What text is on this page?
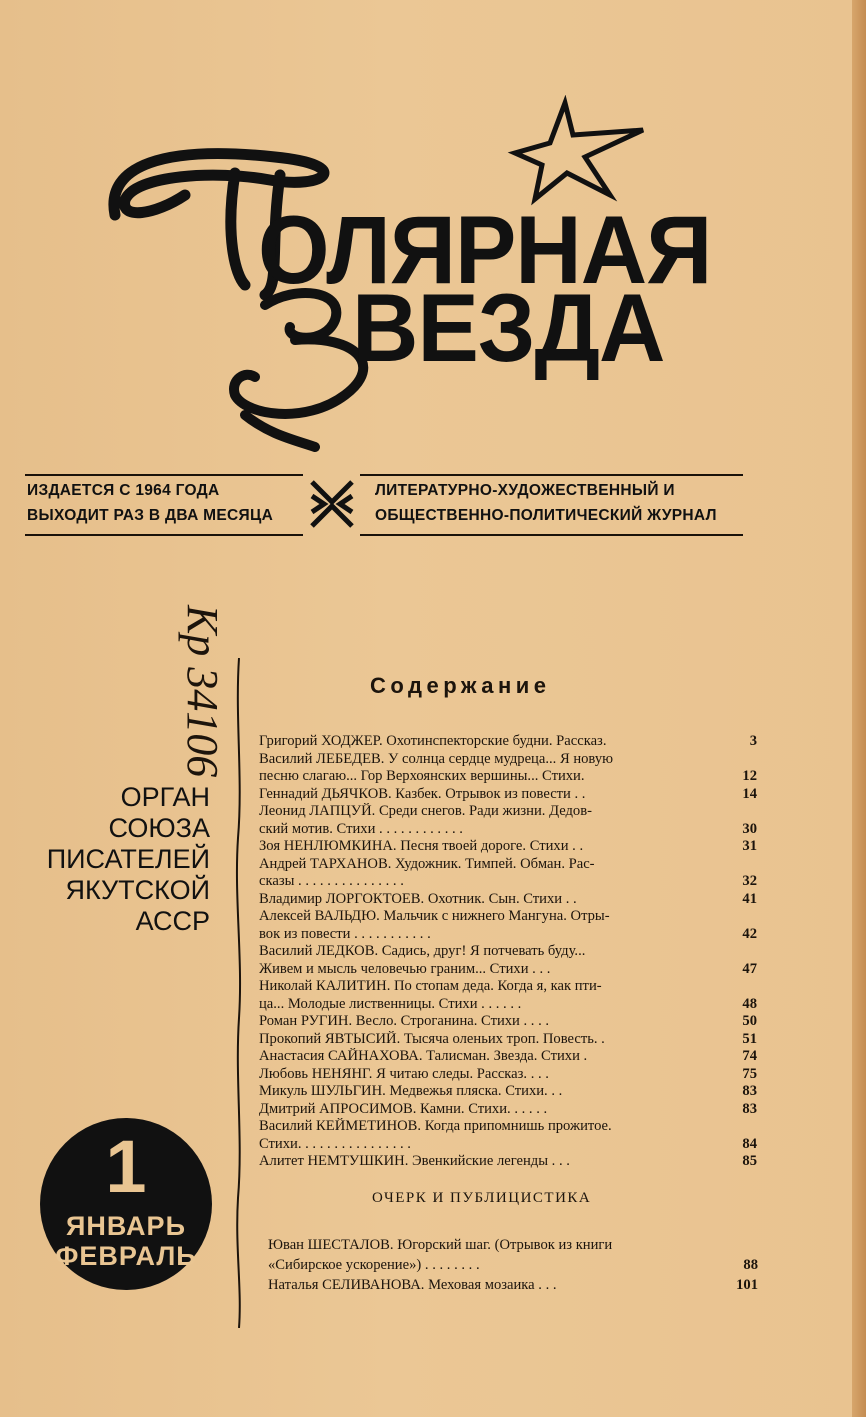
ОЛЯРНАЯ
ВЕЗДА
ИЗДАЕТСЯ С 1964 ГОДА
ВЫХОДИТ РАЗ В ДВА МЕСЯЦА
ЛИТЕРАТУРНО-ХУДОЖЕСТВЕННЫЙ И
ОБЩЕСТВЕННО-ПОЛИТИЧЕСКИЙ ЖУРНАЛ
Кр 34106
ОРГАН
СОЮЗА
ПИСАТЕЛЕЙ
ЯКУТСКОЙ
АССР
1
ЯНВАРЬ
ФЕВРАЛЬ
Содержание
Григорий ХОДЖЕР. Охотинспекторские будни. Рассказ.	3
Василий ЛЕБЕДЕВ. У солнца сердце мудреца... Я новую
песню слагаю... Гор Верхоянских вершины... Стихи.	12
Геннадий ДЬЯЧКОВ. Казбек. Отрывок из повести . .	14
Леонид ЛАПЦУЙ. Среди снегов. Ради жизни. Дедов-
ский мотив. Стихи . . . . . . . . . . . .	30
Зоя НЕНЛЮМКИНА. Песня твоей дороге. Стихи . .	31
Андрей ТАРХАНОВ. Художник. Тимпей. Обман. Рас-
сказы . . . . . . . . . . . . . . .	32
Владимир ЛОРГОКТОЕВ. Охотник. Сын. Стихи . .	41
Алексей ВАЛЬДЮ. Мальчик с нижнего Мангуна. Отры-
вок из повести . . . . . . . . . . .	42
Василий ЛЕДКОВ. Садись, друг! Я потчевать буду...
Живем и мысль человечью граним... Стихи . . .	47
Николай КАЛИТИН. По стопам деда. Когда я, как пти-
ца... Молодые лиственницы. Стихи . . . . . .	48
Роман РУГИН. Весло. Строганина. Стихи . . . .	50
Прокопий ЯВТЫСИЙ. Тысяча оленьих троп. Повесть. .	51
Анастасия САЙНАХОВА. Талисман. Звезда. Стихи .	74
Любовь НЕНЯНГ. Я читаю следы. Рассказ. . . .	75
Микуль ШУЛЬГИН. Медвежья пляска. Стихи. . .	83
Дмитрий АПРОСИМОВ. Камни. Стихи. . . . . .	83
Василий КЕЙМЕТИНОВ. Когда припомнишь прожитое.
Стихи. . . . . . . . . . . . . . . .	84
Алитет НЕМТУШКИН. Эвенкийские легенды . . .	85
ОЧЕРК И ПУБЛИЦИСТИКА
Юван ШЕСТАЛОВ. Югорский шаг. (Отрывок из книги
«Сибирское ускорение») . . . . . . . .	88
Наталья СЕЛИВАНОВА. Меховая мозаика . . .	101
